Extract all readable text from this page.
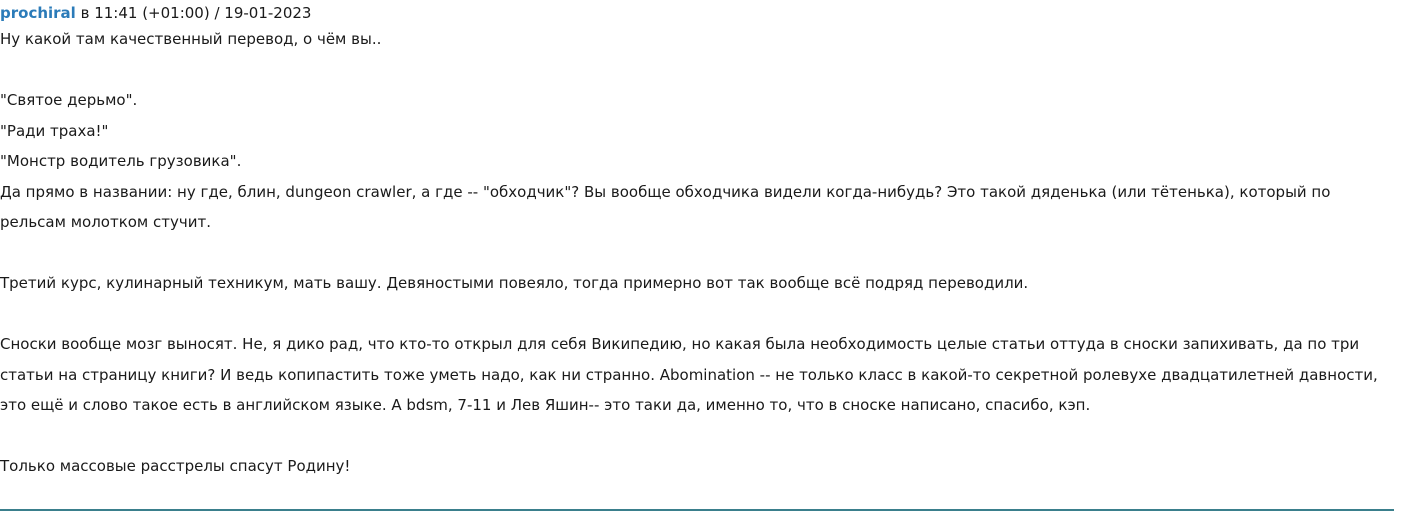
prochiral в 11:41 (+01:00) / 19-01-2023
Ну какой там качественный перевод, о чём вы..
"Святое дерьмо".
"Ради траха!"
"Монстр водитель грузовика".
Да прямо в названии: ну где, блин, dungeon crawler, а где -- "обходчик"? Вы вообще обходчика видели когда-нибудь? Это такой дяденька (или тётенька), который по рельсам молотком стучит.
Третий курс, кулинарный техникум, мать вашу. Девяностыми повеяло, тогда примерно вот так вообще всё подряд переводили.
Сноски вообще мозг выносят. Не, я дико рад, что кто-то открыл для себя Википедию, но какая была необходимость целые статьи оттуда в сноски запихивать, да по три статьи на страницу книги? И ведь копипастить тоже уметь надо, как ни странно. Abomination -- не только класс в какой-то секретной ролевухе двадцатилетней давности, это ещё и слово такое есть в английском языке. А bdsm, 7-11 и Лев Яшин-- это таки да, именно то, что в сноске написано, спасибо, кэп.
Только массовые расстрелы спасут Родину!
